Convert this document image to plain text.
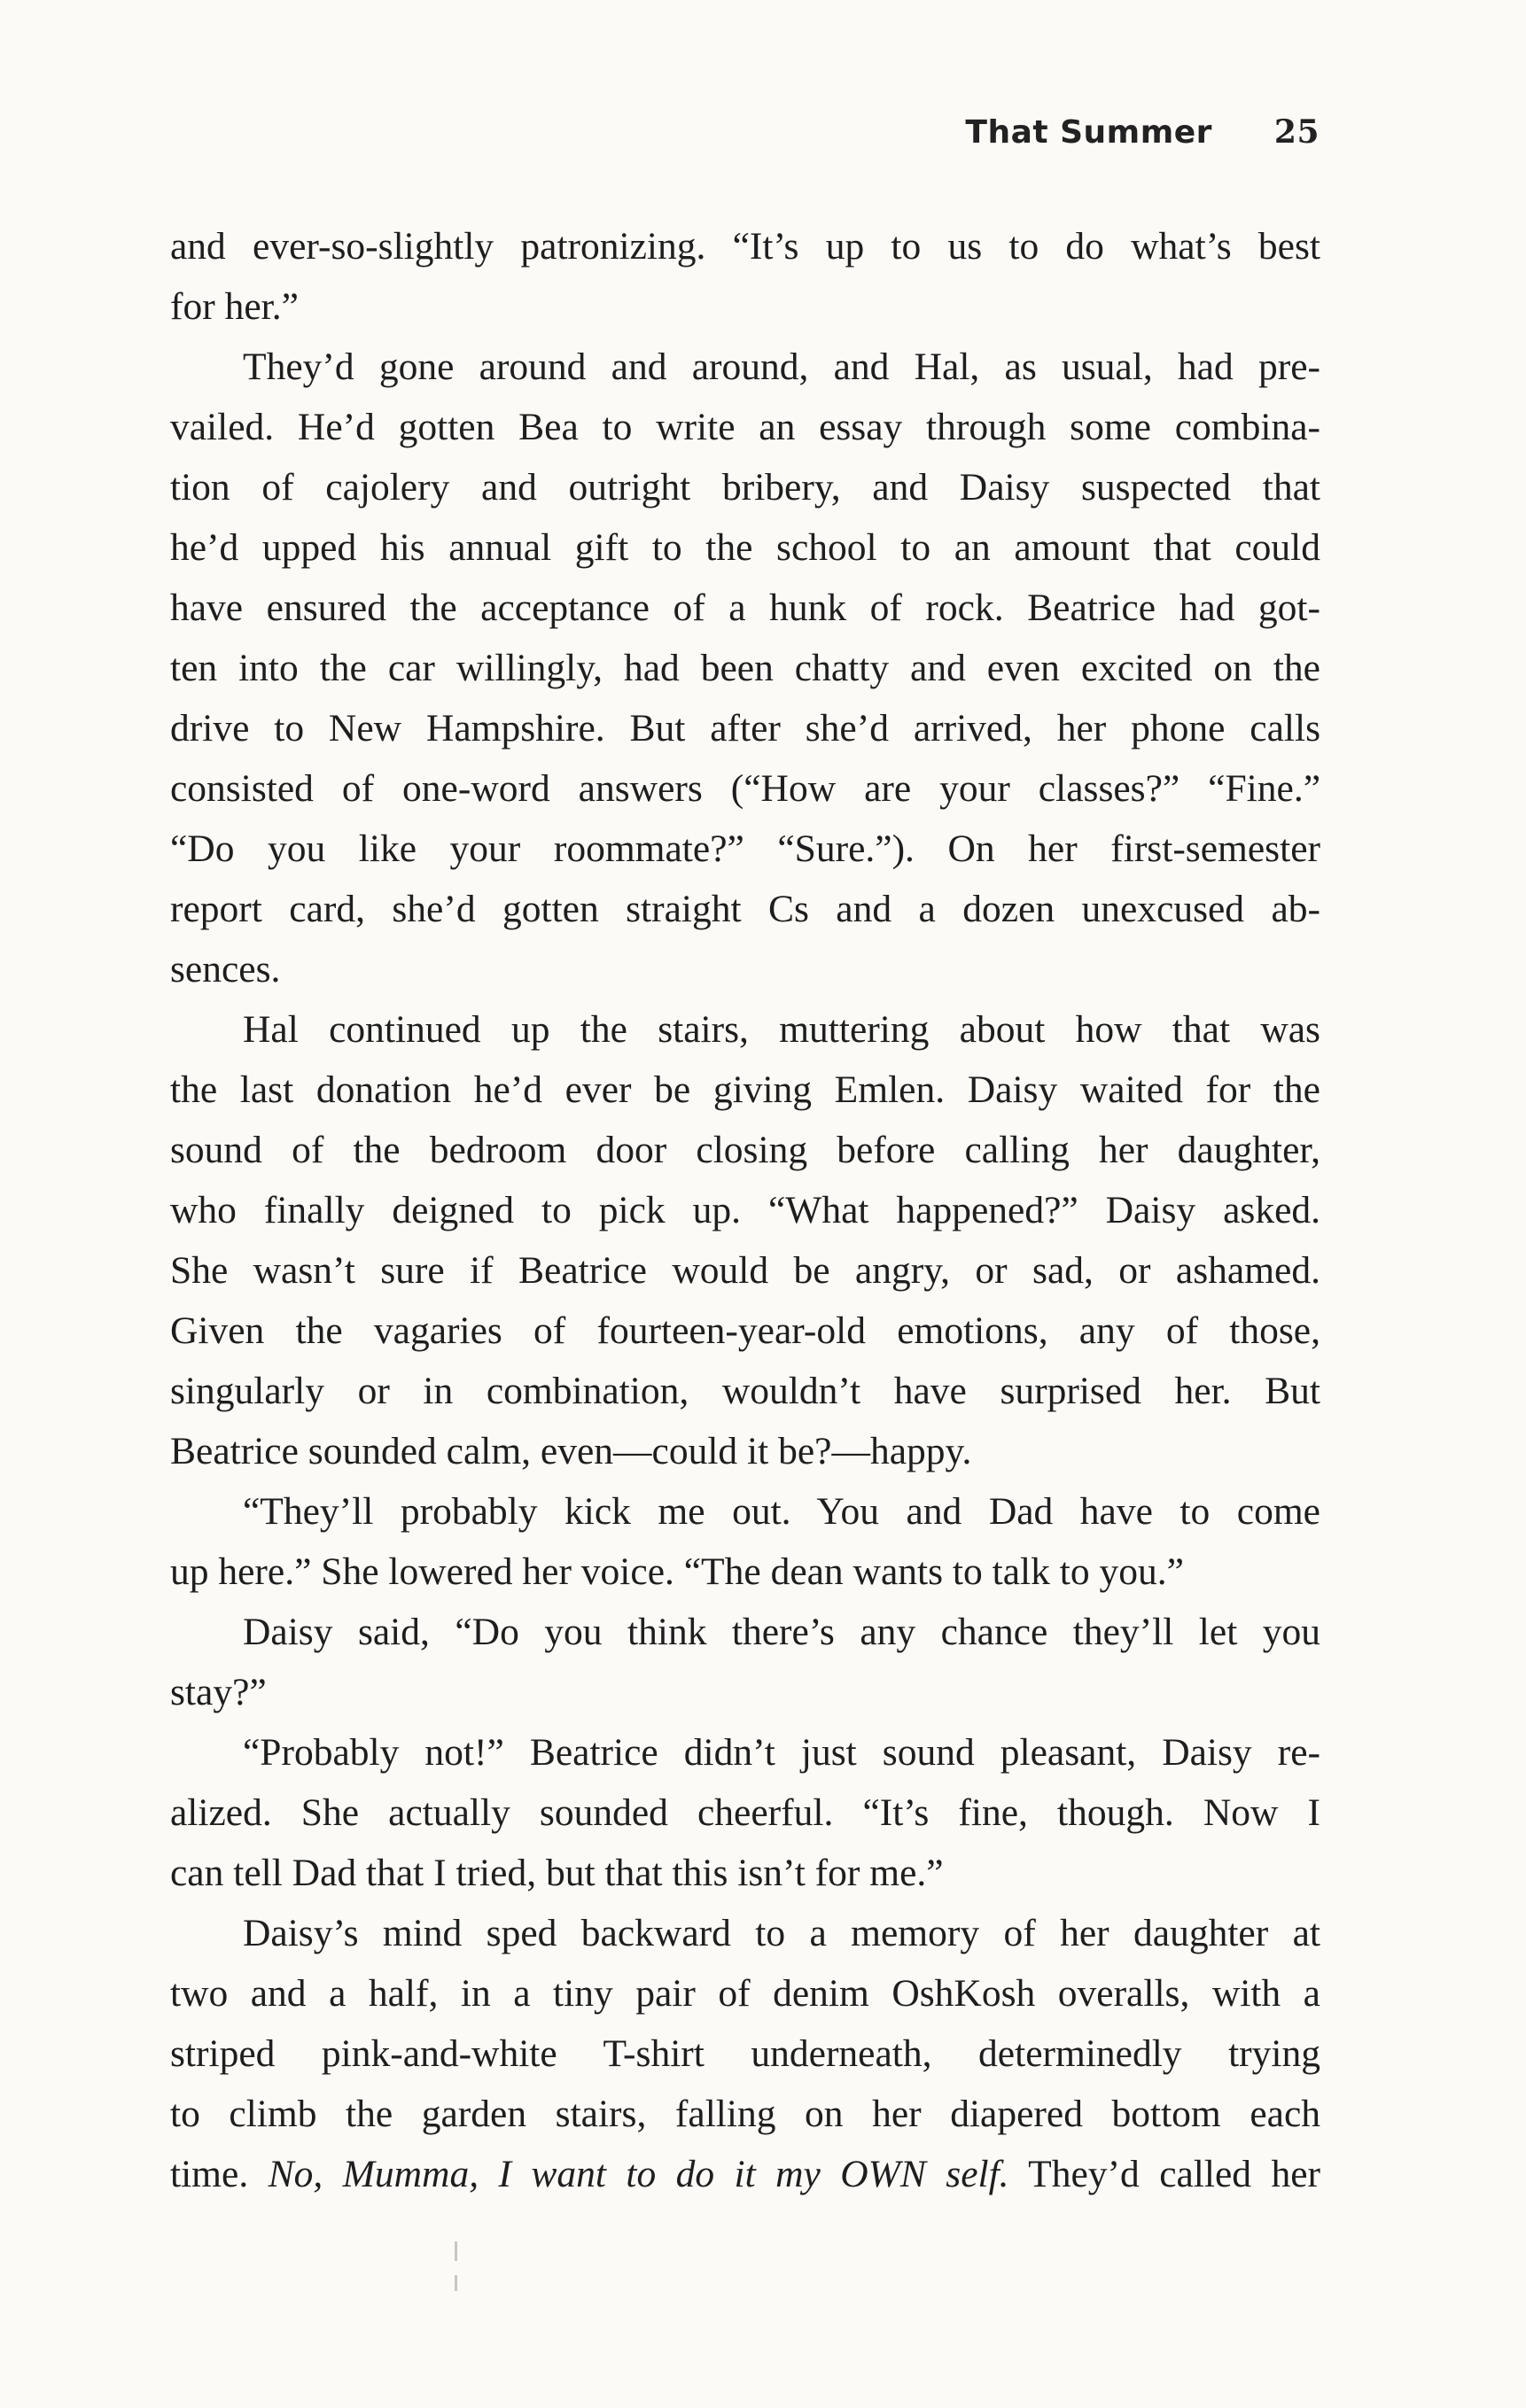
That Summer 25
and ever-so-slightly patronizing. “It’s up to us to do what’s best
for her.”
They’d gone around and around, and Hal, as usual, had pre-
vailed. He’d gotten Bea to write an essay through some combina-
tion of cajolery and outright bribery, and Daisy suspected that
he’d upped his annual gift to the school to an amount that could
have ensured the acceptance of a hunk of rock. Beatrice had got-
ten into the car willingly, had been chatty and even excited on the
drive to New Hampshire. But after she’d arrived, her phone calls
consisted of one-word answers (“How are your classes?” “Fine.”
“Do you like your roommate?” “Sure.”). On her first-semester
report card, she’d gotten straight Cs and a dozen unexcused ab-
sences.
Hal continued up the stairs, muttering about how that was
the last donation he’d ever be giving Emlen. Daisy waited for the
sound of the bedroom door closing before calling her daughter,
who finally deigned to pick up. “What happened?” Daisy asked.
She wasn’t sure if Beatrice would be angry, or sad, or ashamed.
Given the vagaries of fourteen-year-old emotions, any of those,
singularly or in combination, wouldn’t have surprised her. But
Beatrice sounded calm, even—could it be?—happy.
“They’ll probably kick me out. You and Dad have to come
up here.” She lowered her voice. “The dean wants to talk to you.”
Daisy said, “Do you think there’s any chance they’ll let you
stay?”
“Probably not!” Beatrice didn’t just sound pleasant, Daisy re-
alized. She actually sounded cheerful. “It’s fine, though. Now I
can tell Dad that I tried, but that this isn’t for me.”
Daisy’s mind sped backward to a memory of her daughter at
two and a half, in a tiny pair of denim OshKosh overalls, with a
striped pink-and-white T-shirt underneath, determinedly trying
to climb the garden stairs, falling on her diapered bottom each
time. No, Mumma, I want to do it my OWN self. They’d called her
